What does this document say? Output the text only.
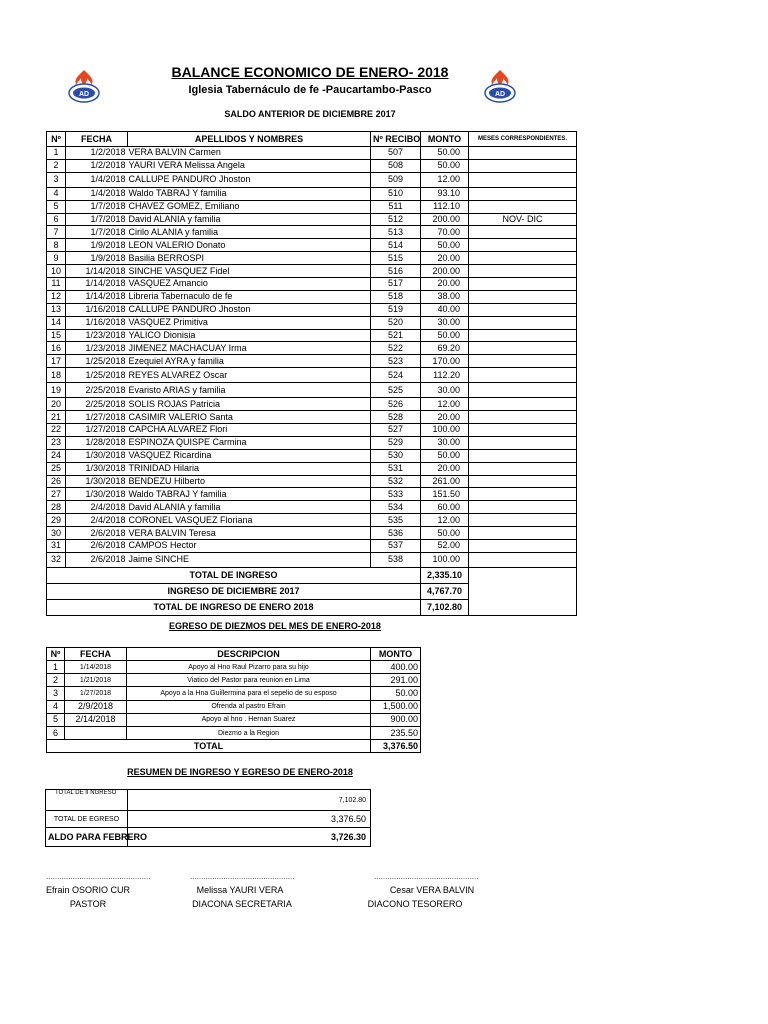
AD	AD
BALANCE ECONOMICO DE ENERO- 2018
Iglesia Tabernáculo de fe -Paucartambo-Pasco
SALDO ANTERIOR DE DICIEMBRE 2017
Nº	FECHA	APELLIDOS Y NOMBRES	Nº RECIBO	MONTO	MESES CORRESPONDIENTES.
1	1/2/2018	VERA BALVIN Carmen	507	50.00	
2	1/2/2018	YAURI VERA Melissa Angela	508	50.00	
3	1/4/2018	CALLUPE PANDURO Jhoston	509	12.00	
4	1/4/2018	Waldo TABRAJ Y familia	510	93.10	
5	1/7/2018	CHAVEZ GOMEZ, Emiliano	511	112.10	
6	1/7/2018	David ALANIA y familia	512	200.00	NOV- DIC
7	1/7/2018	Cirilo ALANIA y familia	513	70.00	
8	1/9/2018	LEON VALERIO Donato	514	50.00	
9	1/9/2018	Basilia BERROSPI	515	20.00	
10	1/14/2018	SINCHE VASQUEZ Fidel	516	200.00	
11	1/14/2018	VASQUEZ Amancio	517	20.00	
12	1/14/2018	Libreria Tabernaculo de fe	518	38.00	
13	1/16/2018	CALLUPE PANDURO Jhoston	519	40.00	
14	1/16/2018	VASQUEZ Primitiva	520	30.00	
15	1/23/2018	YALICO Dionisia	521	50.00	
16	1/23/2018	JIMENEZ MACHACUAY Irma	522	69.20	
17	1/25/2018	Ezequiel AYRA y familia	523	170.00	
18	1/25/2018	REYES ALVAREZ Oscar	524	112.20	
19	2/25/2018	Evaristo ARIAS y familia	525	30.00	
20	2/25/2018	SOLIS ROJAS Patricia	526	12.00	
21	1/27/2018	CASIMIR VALERIO Santa	528	20.00	
22	1/27/2018	CAPCHA ALVAREZ Flori	527	100.00	
23	1/28/2018	ESPINOZA QUISPE Carmina	529	30.00	
24	1/30/2018	VASQUEZ Ricardina	530	50.00	
25	1/30/2018	TRINIDAD Hilaria	531	20.00	
26	1/30/2018	BENDEZU Hilberto	532	261.00	
27	1/30/2018	Waldo TABRAJ Y familia	533	151.50	
28	2/4/2018	David ALANIA y familia	534	60.00	
29	2/4/2018	CORONEL VASQUEZ Floriana	535	12.00	
30	2/6/2018	VERA BALVIN Teresa	536	50.00	
31	2/6/2018	CAMPOS Hector	537	52.00	
32	2/6/2018	Jaime SINCHE	538	100.00	
TOTAL DE INGRESO				2,335.10	
INGRESO DE DICIEMBRE 2017				4,767.70	
TOTAL DE INGRESO DE ENERO 2018				7,102.80	
EGRESO DE DIEZMOS DEL MES DE ENERO-2018
Nº	FECHA	DESCRIPCION	MONTO
1	1/14/2018	Apoyo al Hno Raul Pizarro para su hijo	400.00
2	1/21/2018	Viatico del Pastor para reunion en Lima	291.00
3	1/27/2018	Apoyo a la Hna Guillermina para el sepelio de su esposo	50.00
4	2/9/2018	Ofrenda al pastro Efrain	1,500.00
5	2/14/2018	Apoyo al hno . Hernan Suarez	900.00
6		Diezmo a la Region	235.50
TOTAL			3,376.50
RESUMEN DE INGRESO Y EGRESO DE ENERO-2018
TOTAL DE II NGRESO	7,102.80
TOTAL DE EGRESO	3,376.50
ALDO PARA FEBRERO	3,726.30
...............................................
Efrain OSORIO CUR
PASTOR
...............................................
Melissa YAURI VERA
DIACONA SECRETARIA
...............................................
Cesar VERA BALVIN
DIACONO TESORERO
